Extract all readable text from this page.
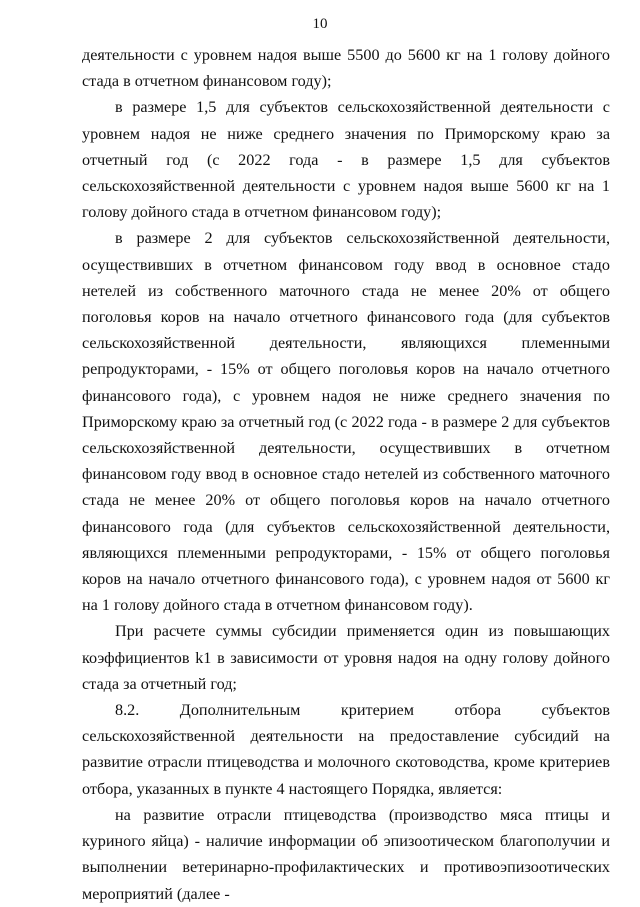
10

деятельности с уровнем надоя выше 5500 до 5600 кг на 1 голову дойного стада в отчетном финансовом году);

в размере 1,5 для субъектов сельскохозяйственной деятельности с уровнем надоя не ниже среднего значения по Приморскому краю за отчетный год (с 2022 года - в размере 1,5 для субъектов сельскохозяйственной деятельности с уровнем надоя выше 5600 кг на 1 голову дойного стада в отчетном финансовом году);

в размере 2 для субъектов сельскохозяйственной деятельности, осуществивших в отчетном финансовом году ввод в основное стадо нетелей из собственного маточного стада не менее 20% от общего поголовья коров на начало отчетного финансового года (для субъектов сельскохозяйственной деятельности, являющихся племенными репродукторами, - 15% от общего поголовья коров на начало отчетного финансового года), с уровнем надоя не ниже среднего значения по Приморскому краю за отчетный год (с 2022 года - в размере 2 для субъектов сельскохозяйственной деятельности, осуществивших в отчетном финансовом году ввод в основное стадо нетелей из собственного маточного стада не менее 20% от общего поголовья коров на начало отчетного финансового года (для субъектов сельскохозяйственной деятельности, являющихся племенными репродукторами, - 15% от общего поголовья коров на начало отчетного финансового года), с уровнем надоя от 5600 кг на 1 голову дойного стада в отчетном финансовом году).

При расчете суммы субсидии применяется один из повышающих коэффициентов k1 в зависимости от уровня надоя на одну голову дойного стада за отчетный год;

8.2. Дополнительным критерием отбора субъектов сельскохозяйственной деятельности на предоставление субсидий на развитие отрасли птицеводства и молочного скотоводства, кроме критериев отбора, указанных в пункте 4 настоящего Порядка, является:

на развитие отрасли птицеводства (производство мяса птицы и куриного яйца) - наличие информации об эпизоотическом благополучии и выполнении ветеринарно-профилактических и противоэпизоотических мероприятий (далее -
